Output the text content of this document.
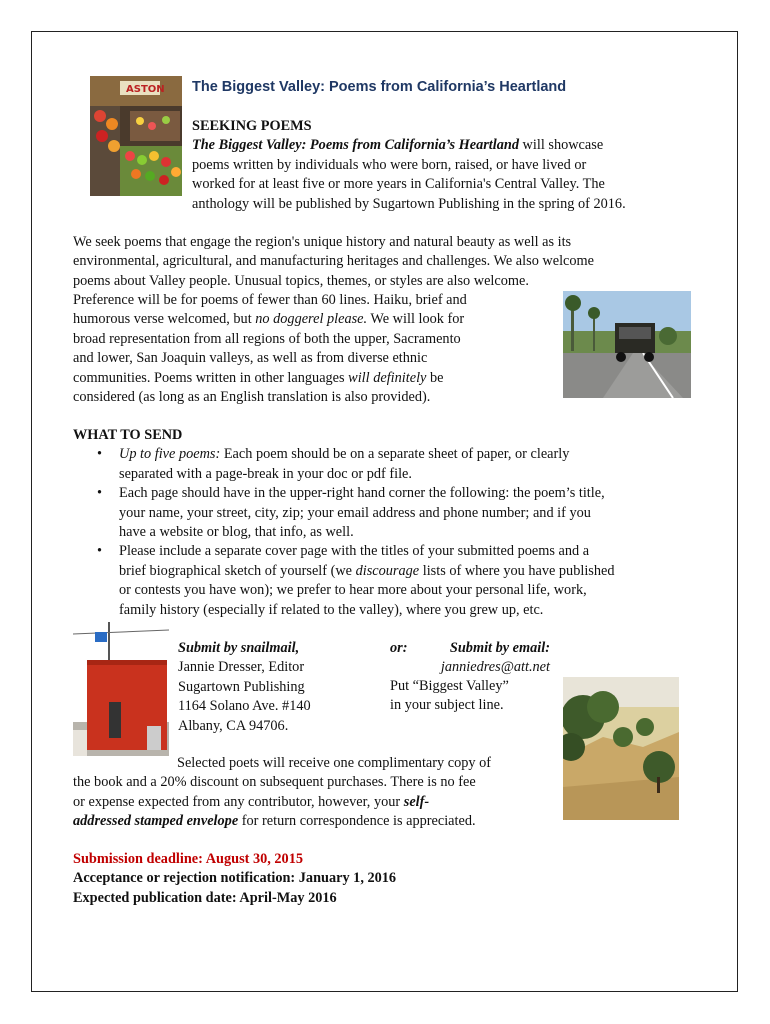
ASTON The Biggest Valley: Poems from California’s Heartland
SEEKING POEMS
The Biggest Valley: Poems from California’s Heartland will showcase
poems written by individuals who were born, raised, or have lived or
worked for at least five or more years in California's Central Valley. The
anthology will be published by Sugartown Publishing in the spring of 2016.
We seek poems that engage the region's unique history and natural beauty as well as its
environmental, agricultural, and manufacturing heritages and challenges. We also welcome
poems about Valley people. Unusual topics, themes, or styles are also welcome.
Preference will be for poems of fewer than 60 lines. Haiku, brief and
humorous verse welcomed, but no doggerel please. We will look for
broad representation from all regions of both the upper, Sacramento
and lower, San Joaquin valleys, as well as from diverse ethnic
communities. Poems written in other languages will definitely be
considered (as long as an English translation is also provided).
WHAT TO SEND
• Up to five poems: Each poem should be on a separate sheet of paper, or clearly
separated with a page-break in your doc or pdf file.
• Each page should have in the upper-right hand corner the following: the poem’s title,
your name, your street, city, zip; your email address and phone number; and if you
have a website or blog, that info, as well.
• Please include a separate cover page with the titles of your submitted poems and a
brief biographical sketch of yourself (we discourage lists of where you have published
or contests you have won); we prefer to hear more about your personal life, work,
family history (especially if related to the valley), where you grew up, etc.
Submit by snailmail,
Jannie Dresser, Editor
Sugartown Publishing
1164 Solano Ave. #140
Albany, CA 94706.
or:	Submit by email:
janniedres@att.net
Put “Biggest Valley”
in your subject line.
Selected poets will receive one complimentary copy of
the book and a 20% discount on subsequent purchases. There is no fee
or expense expected from any contributor, however, your self-
addressed stamped envelope for return correspondence is appreciated.
Submission deadline: August 30, 2015
Acceptance or rejection notification: January 1, 2016
Expected publication date: April-May 2016
